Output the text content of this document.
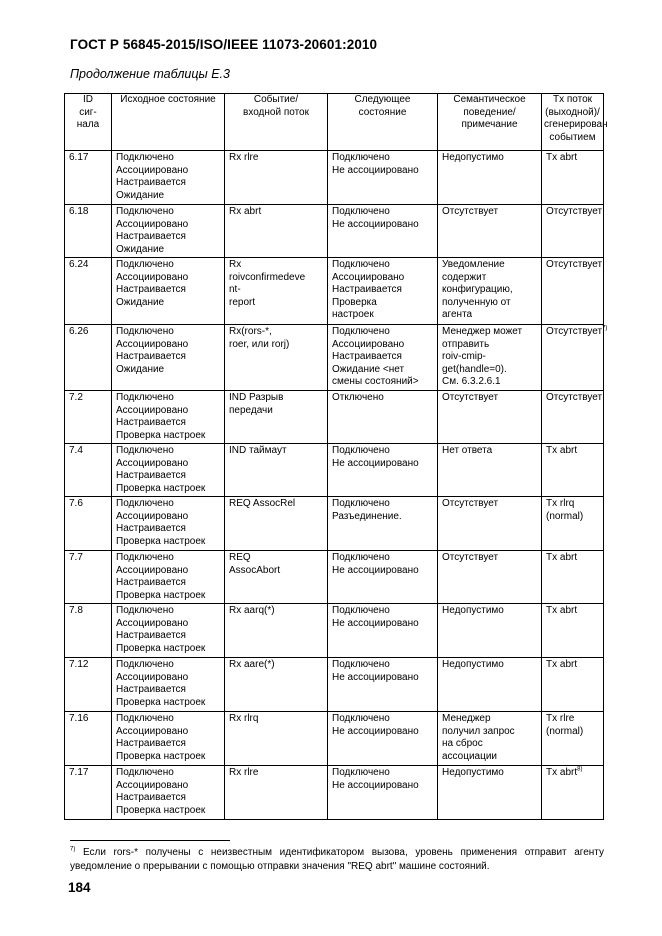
ГОСТ Р 56845-2015/ISO/IEEE 11073-20601:2010
Продолжение таблицы Е.3
ID
сиг-
нала	Исходное состояние	Событие/
входной поток	Следующее
состояние	Семантическое
поведение/
примечание	Tx поток
(выходной)/
сгенерирован
событием

6.17	Подключено
Ассоциировано
Настраивается
Ожидание	Rx rlre	Подключено
Не ассоциировано	Недопустимо	Tx abrt

6.18	Подключено
Ассоциировано
Настраивается
Ожидание	Rx abrt	Подключено
Не ассоциировано	Отсутствует	Отсутствует

6.24	Подключено
Ассоциировано
Настраивается
Ожидание	Rx
roivconfirmedeve
nt-
report	Подключено
Ассоциировано
Настраивается
Проверка
настроек	Уведомление
содержит
конфигурацию,
полученную от
агента	Отсутствует

6.26	Подключено
Ассоциировано
Настраивается
Ожидание	Rx(rors-*,
roer, или rorj)	Подключено
Ассоциировано
Настраивается
Ожидание <нет
смены состояний>	Менеджер может
отправить
roiv-cmip-
get(handle=0).
См. 6.3.2.6.1	Отсутствует$^{7)}$

7.2	Подключено
Ассоциировано
Настраивается
Проверка настроек	IND Разрыв
передачи	Отключено	Отсутствует	Отсутствует

7.4	Подключено
Ассоциировано
Настраивается
Проверка настроек	IND таймаут	Подключено
Не ассоциировано	Нет ответа	Tx abrt

7.6	Подключено
Ассоциировано
Настраивается
Проверка настроек	REQ AssocRel	Подключено
Разъединение.	Отсутствует	Tx rlrq
(normal)

7.7	Подключено
Ассоциировано
Настраивается
Проверка настроек	REQ
AssocAbort	Подключено
Не ассоциировано	Отсутствует	Tx abrt

7.8	Подключено
Ассоциировано
Настраивается
Проверка настроек	Rx aarq(*)	Подключено
Не ассоциировано	Недопустимо	Tx abrt

7.12	Подключено
Ассоциировано
Настраивается
Проверка настроек	Rx aare(*)	Подключено
Не ассоциировано	Недопустимо	Tx abrt

7.16	Подключено
Ассоциировано
Настраивается
Проверка настроек	Rx rlrq	Подключено
Не ассоциировано	Менеджер
получил запрос
на сброс
ассоциации	Tx rlre
(normal)

7.17	Подключено
Ассоциировано
Настраивается
Проверка настроек	Rx rlre	Подключено
Не ассоциировано	Недопустимо	Tx abrt$^{8)}$
$^{7)}$ Если rors-* получены с неизвестным идентификатором вызова, уровень применения отправит агенту уведомление о прерывании с помощью отправки значения "REQ abrt" машине состояний.
184
